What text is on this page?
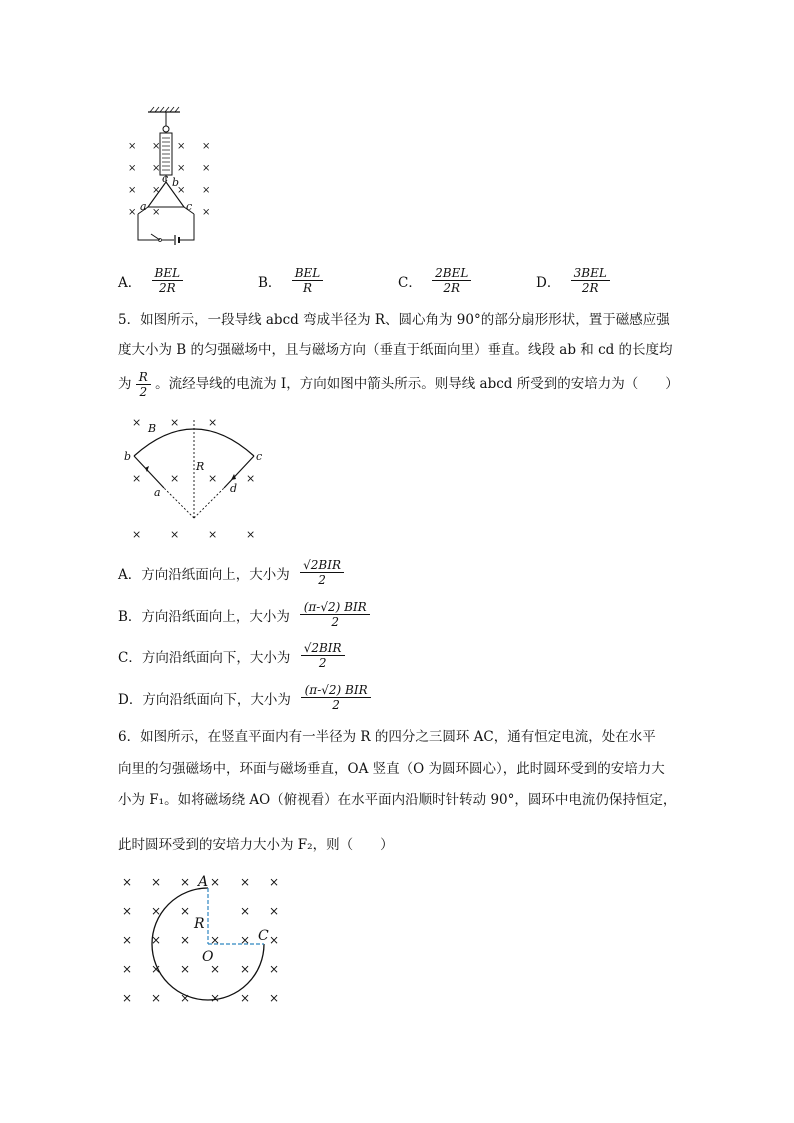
× × × ×
× × × ×
× × × ×
× ×	×
c b
a	c
A． $\frac{\text{BEL}}{2R}$	B． $\frac{\text{BEL}}{R}$	C． $\frac{\text{2BEL}}{2R}$	D． $\frac{\text{3BEL}}{2R}$
5．如图所示，一段导线 abcd 弯成半径为 R、圆心角为 90°的部分扇形形状，置于磁感应强
度大小为 B 的匀强磁场中，且与磁场方向（垂直于纸面向里）垂直。线段 ab 和 cd 的长度均
为 $\frac{R}{2}$ 。流经导线的电流为 I，方向如图中箭头所示。则导线 abcd 所受到的安培力为（　　）
×	×	×
×	×	×	×
×	×	×	×
B
b	c
R
a	d
A．方向沿纸面向上，大小为 $\frac{\text{√2BIR}}{2}$
B．方向沿纸面向上，大小为 $\frac{\text{(π-√2) BIR}}{2}$
C．方向沿纸面向下，大小为 $\frac{\text{√2BIR}}{2}$
D．方向沿纸面向下，大小为 $\frac{\text{(π-√2) BIR}}{2}$
6．如图所示，在竖直平面内有一半径为 R 的四分之三圆环 AC，通有恒定电流，处在水平
向里的匀强磁场中，环面与磁场垂直，OA 竖直（O 为圆环圆心），此时圆环受到的安培力大
小为 F₁。如将磁场绕 AO（俯视看）在水平面内沿顺时针转动 90°，圆环中电流仍保持恒定，
此时圆环受到的安培力大小为 F₂，则（　　）
× × × × × ×
× × ×	× ×
× × × × × ×
× × × × × ×
× × × × × ×
A
R
C
O
